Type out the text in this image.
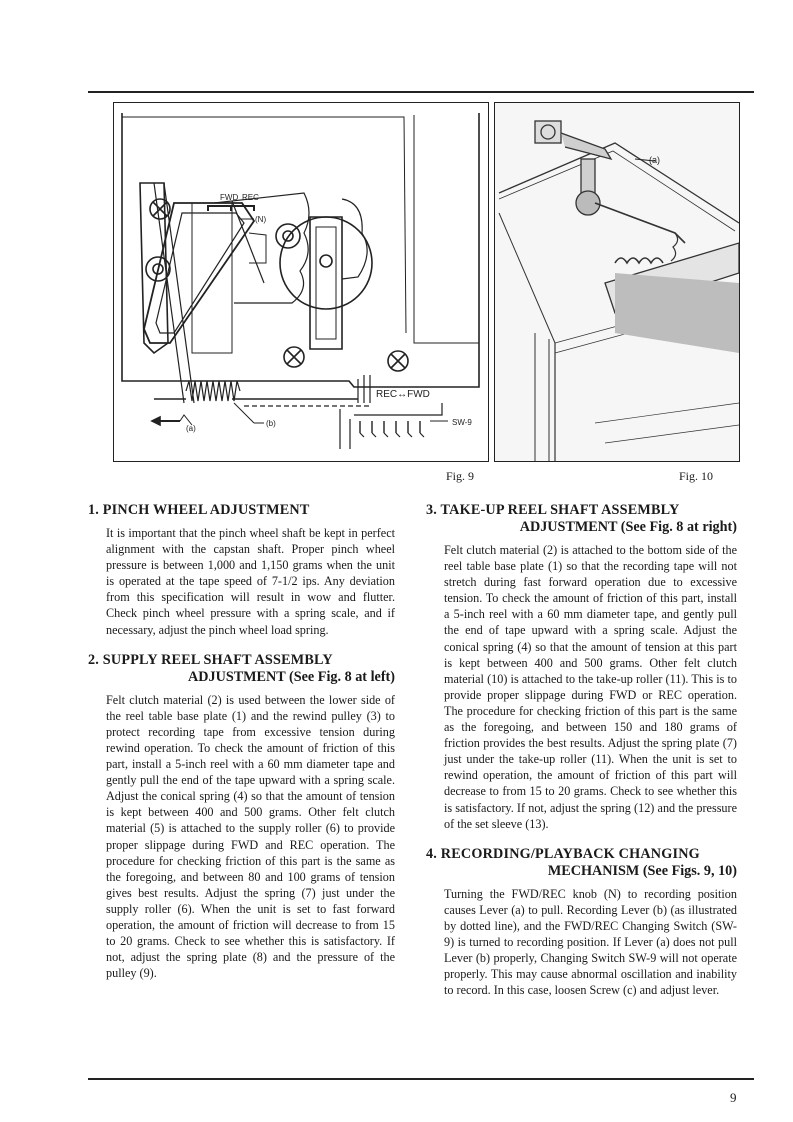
FWD REC
(N)
REC↔FWD
(a)
(b)	SW-9
(a)
Fig. 9	Fig. 10
1. PINCH WHEEL ADJUSTMENT
It is important that the pinch wheel shaft be kept in perfect alignment with the capstan shaft. Proper pinch wheel pressure is between 1,000 and 1,150 grams when the unit is operated at the tape speed of 7-1/2 ips. Any deviation from this specification will result in wow and flutter. Check pinch wheel pressure with a spring scale, and if necessary, adjust the pinch wheel load spring.
2. SUPPLY REEL SHAFT ASSEMBLY
ADJUSTMENT (See Fig. 8 at left)
Felt clutch material (2) is used between the lower side of the reel table base plate (1) and the rewind pulley (3) to protect recording tape from excessive tension during rewind operation. To check the amount of friction of this part, install a 5-inch reel with a 60 mm diameter tape and gently pull the end of the tape upward with a spring scale. Adjust the conical spring (4) so that the amount of tension is kept between 400 and 500 grams. Other felt clutch material (5) is attached to the supply roller (6) to provide proper slippage during FWD and REC operation. The procedure for checking friction of this part is the same as the foregoing, and between 80 and 100 grams of tension gives best results. Adjust the spring (7) just under the supply roller (6). When the unit is set to fast forward operation, the amount of friction will decrease to from 15 to 20 grams. Check to see whether this is satisfactory. If not, adjust the spring plate (8) and the pressure of the pulley (9).
3. TAKE-UP REEL SHAFT ASSEMBLY
ADJUSTMENT (See Fig. 8 at right)
Felt clutch material (2) is attached to the bottom side of the reel table base plate (1) so that the recording tape will not stretch during fast forward operation due to excessive tension. To check the amount of friction of this part, install a 5-inch reel with a 60 mm diameter tape, and gently pull the end of tape upward with a spring scale. Adjust the conical spring (4) so that the amount of tension at this part is kept between 400 and 500 grams. Other felt clutch material (10) is attached to the take-up roller (11). This is to provide proper slippage during FWD or REC operation. The procedure for checking friction of this part is the same as the foregoing, and between 150 and 180 grams of friction provides the best results. Adjust the spring plate (7) just under the take-up roller (11). When the unit is set to rewind operation, the amount of friction of this part will decrease to from 15 to 20 grams. Check to see whether this is satisfactory. If not, adjust the spring (12) and the pressure of the set sleeve (13).
4. RECORDING/PLAYBACK CHANGING
MECHANISM (See Figs. 9, 10)
Turning the FWD/REC knob (N) to recording position causes Lever (a) to pull. Recording Lever (b) (as illustrated by dotted line), and the FWD/REC Changing Switch (SW-9) is turned to recording position. If Lever (a) does not pull Lever (b) properly, Changing Switch SW-9 will not operate properly. This may cause abnormal oscillation and inability to record. In this case, loosen Screw (c) and adjust lever.
9
